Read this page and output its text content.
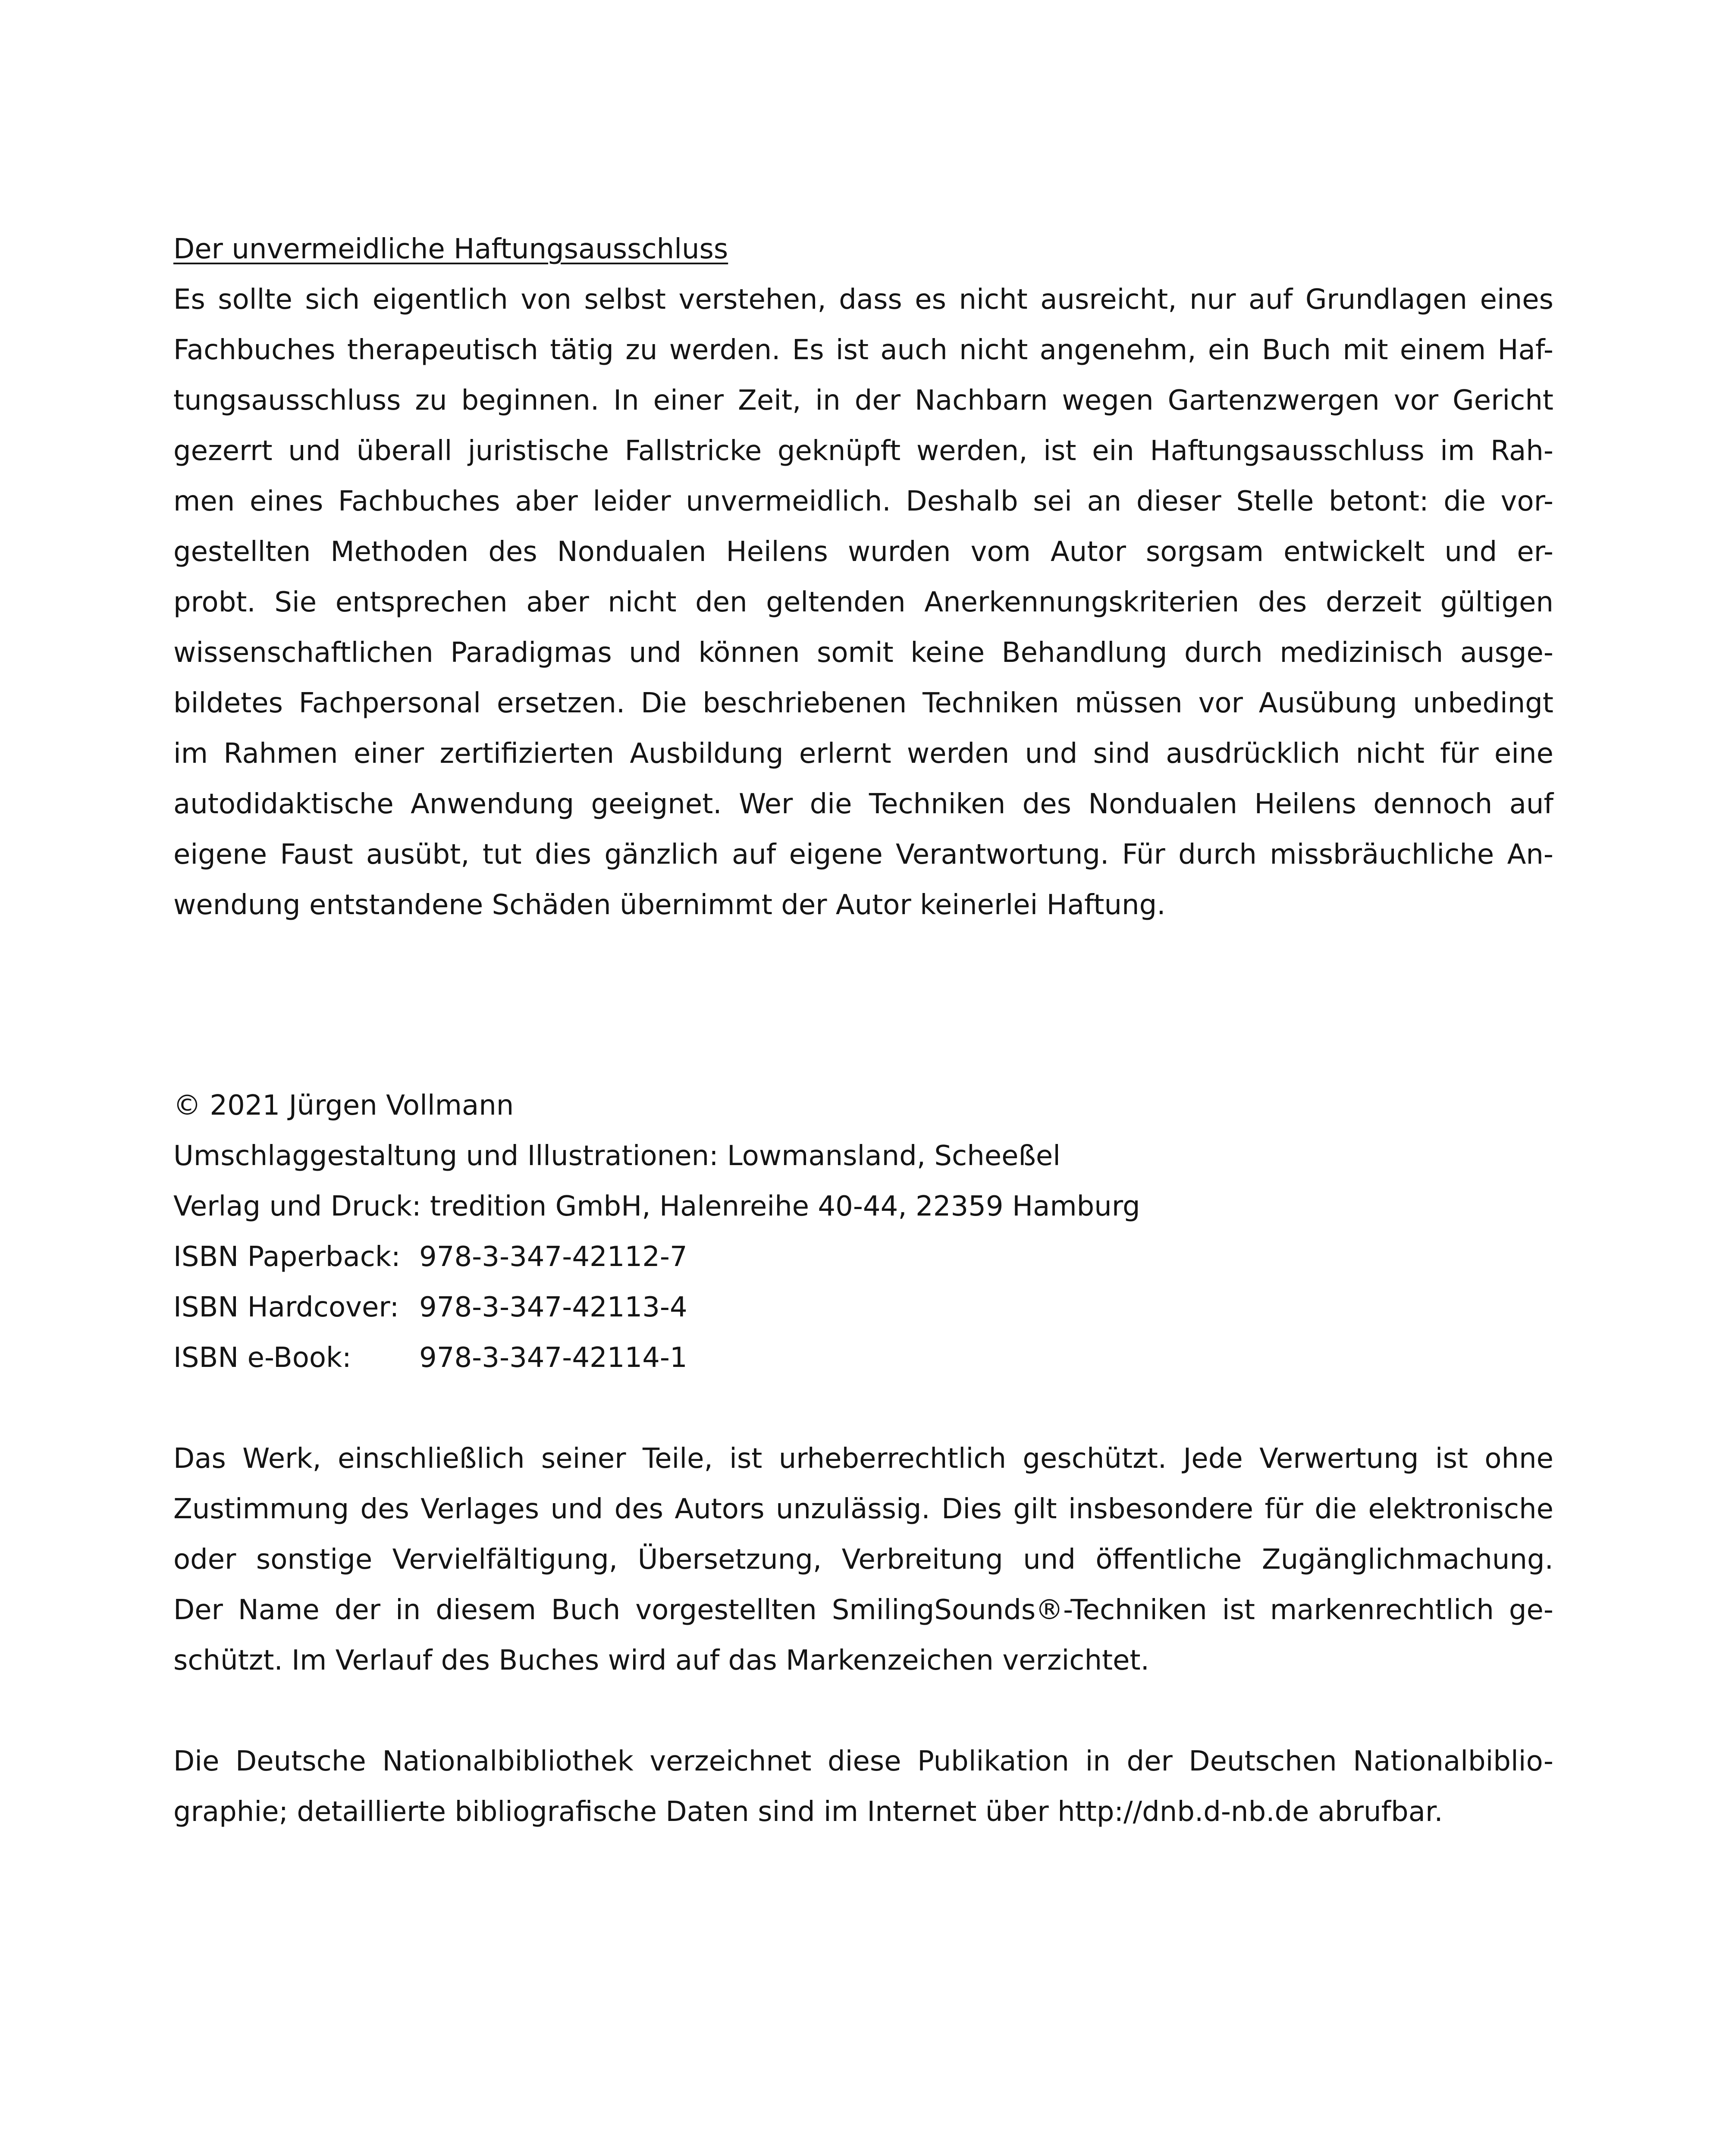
Der unvermeidliche Haftungsausschluss
Es sollte sich eigentlich von selbst verstehen, dass es nicht ausreicht, nur auf Grundlagen eines
Fachbuches therapeutisch tätig zu werden. Es ist auch nicht angenehm, ein Buch mit einem Haf-
tungsausschluss zu beginnen. In einer Zeit, in der Nachbarn wegen Gartenzwergen vor Gericht
gezerrt und überall juristische Fallstricke geknüpft werden, ist ein Haftungsausschluss im Rah-
men eines Fachbuches aber leider unvermeidlich. Deshalb sei an dieser Stelle betont: die vor-
gestellten Methoden des Nondualen Heilens wurden vom Autor sorgsam entwickelt und er-
probt. Sie entsprechen aber nicht den geltenden Anerkennungskriterien des derzeit gültigen
wissenschaftlichen Paradigmas und können somit keine Behandlung durch medizinisch ausge-
bildetes Fachpersonal ersetzen. Die beschriebenen Techniken müssen vor Ausübung unbedingt
im Rahmen einer zertifizierten Ausbildung erlernt werden und sind ausdrücklich nicht für eine
autodidaktische Anwendung geeignet. Wer die Techniken des Nondualen Heilens dennoch auf
eigene Faust ausübt, tut dies gänzlich auf eigene Verantwortung. Für durch missbräuchliche An-
wendung entstandene Schäden übernimmt der Autor keinerlei Haftung.
© 2021 Jürgen Vollmann
Umschlaggestaltung und Illustrationen: Lowmansland, Scheeßel
Verlag und Druck: tredition GmbH, Halenreihe 40-44, 22359 Hamburg
ISBN Paperback: 978-3-347-42112-7
ISBN Hardcover: 978-3-347-42113-4
ISBN e-Book:	978-3-347-42114-1
Das Werk, einschließlich seiner Teile, ist urheberrechtlich geschützt. Jede Verwertung ist ohne
Zustimmung des Verlages und des Autors unzulässig. Dies gilt insbesondere für die elektronische
oder sonstige Vervielfältigung, Übersetzung, Verbreitung und öffentliche Zugänglichmachung.
Der Name der in diesem Buch vorgestellten SmilingSounds®-Techniken ist markenrechtlich ge-
schützt. Im Verlauf des Buches wird auf das Markenzeichen verzichtet.
Die Deutsche Nationalbibliothek verzeichnet diese Publikation in der Deutschen Nationalbiblio-
graphie; detaillierte bibliografische Daten sind im Internet über http://dnb.d-nb.de abrufbar.
